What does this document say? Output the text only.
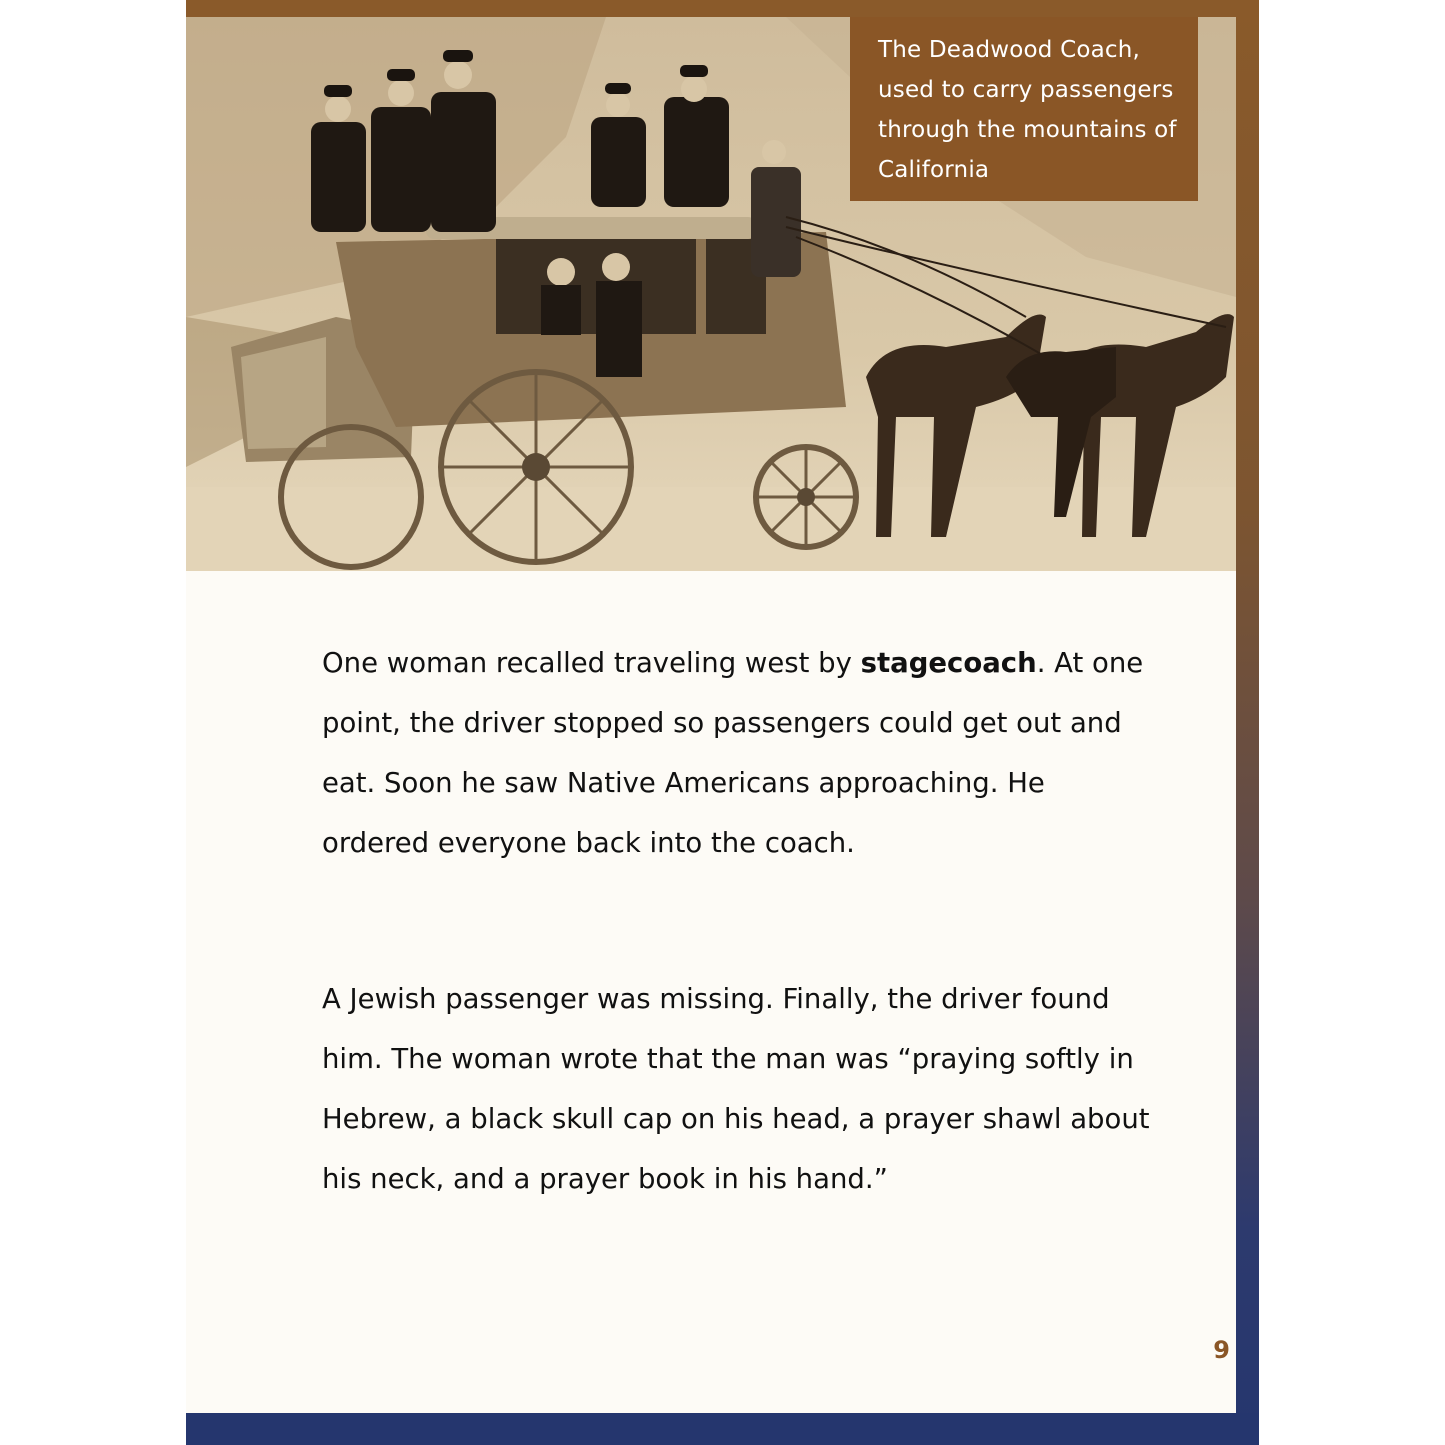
The Deadwood Coach, used to carry passengers through the mountains of California
One woman recalled traveling west by stagecoach. At one point, the driver stopped so passengers could get out and eat. Soon he saw Native Americans approaching. He ordered everyone back into the coach.
A Jewish passenger was missing. Finally, the driver found him. The woman wrote that the man was “praying softly in Hebrew, a black skull cap on his head, a prayer shawl about his neck, and a prayer book in his hand.”
9
